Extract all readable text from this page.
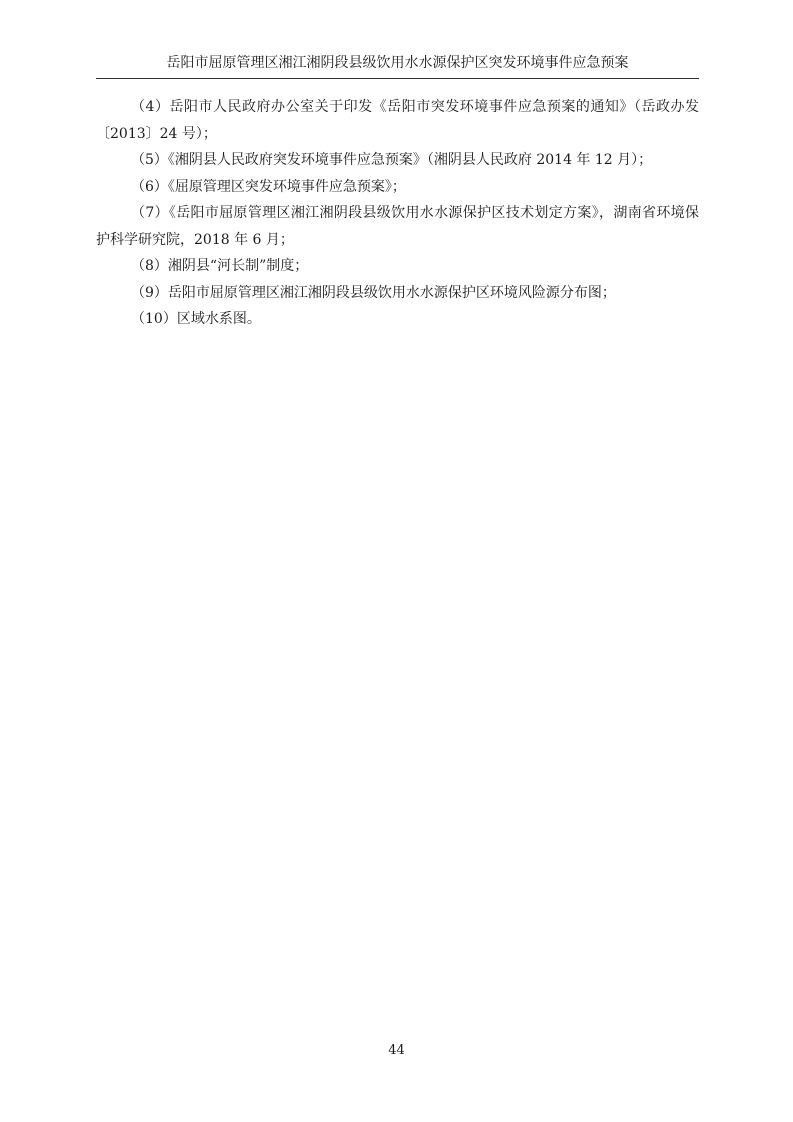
岳阳市屈原管理区湘江湘阴段县级饮用水水源保护区突发环境事件应急预案

（4）岳阳市人民政府办公室关于印发《岳阳市突发环境事件应急预案的通知》（岳政办发〔2013〕24 号）；

（5）《湘阴县人民政府突发环境事件应急预案》（湘阴县人民政府 2014 年 12 月）；

（6）《屈原管理区突发环境事件应急预案》；

（7）《岳阳市屈原管理区湘江湘阴段县级饮用水水源保护区技术划定方案》，湖南省环境保护科学研究院，2018 年 6 月；

（8）湘阴县“河长制”制度；

（9）岳阳市屈原管理区湘江湘阴段县级饮用水水源保护区环境风险源分布图；

（10）区域水系图。

44
